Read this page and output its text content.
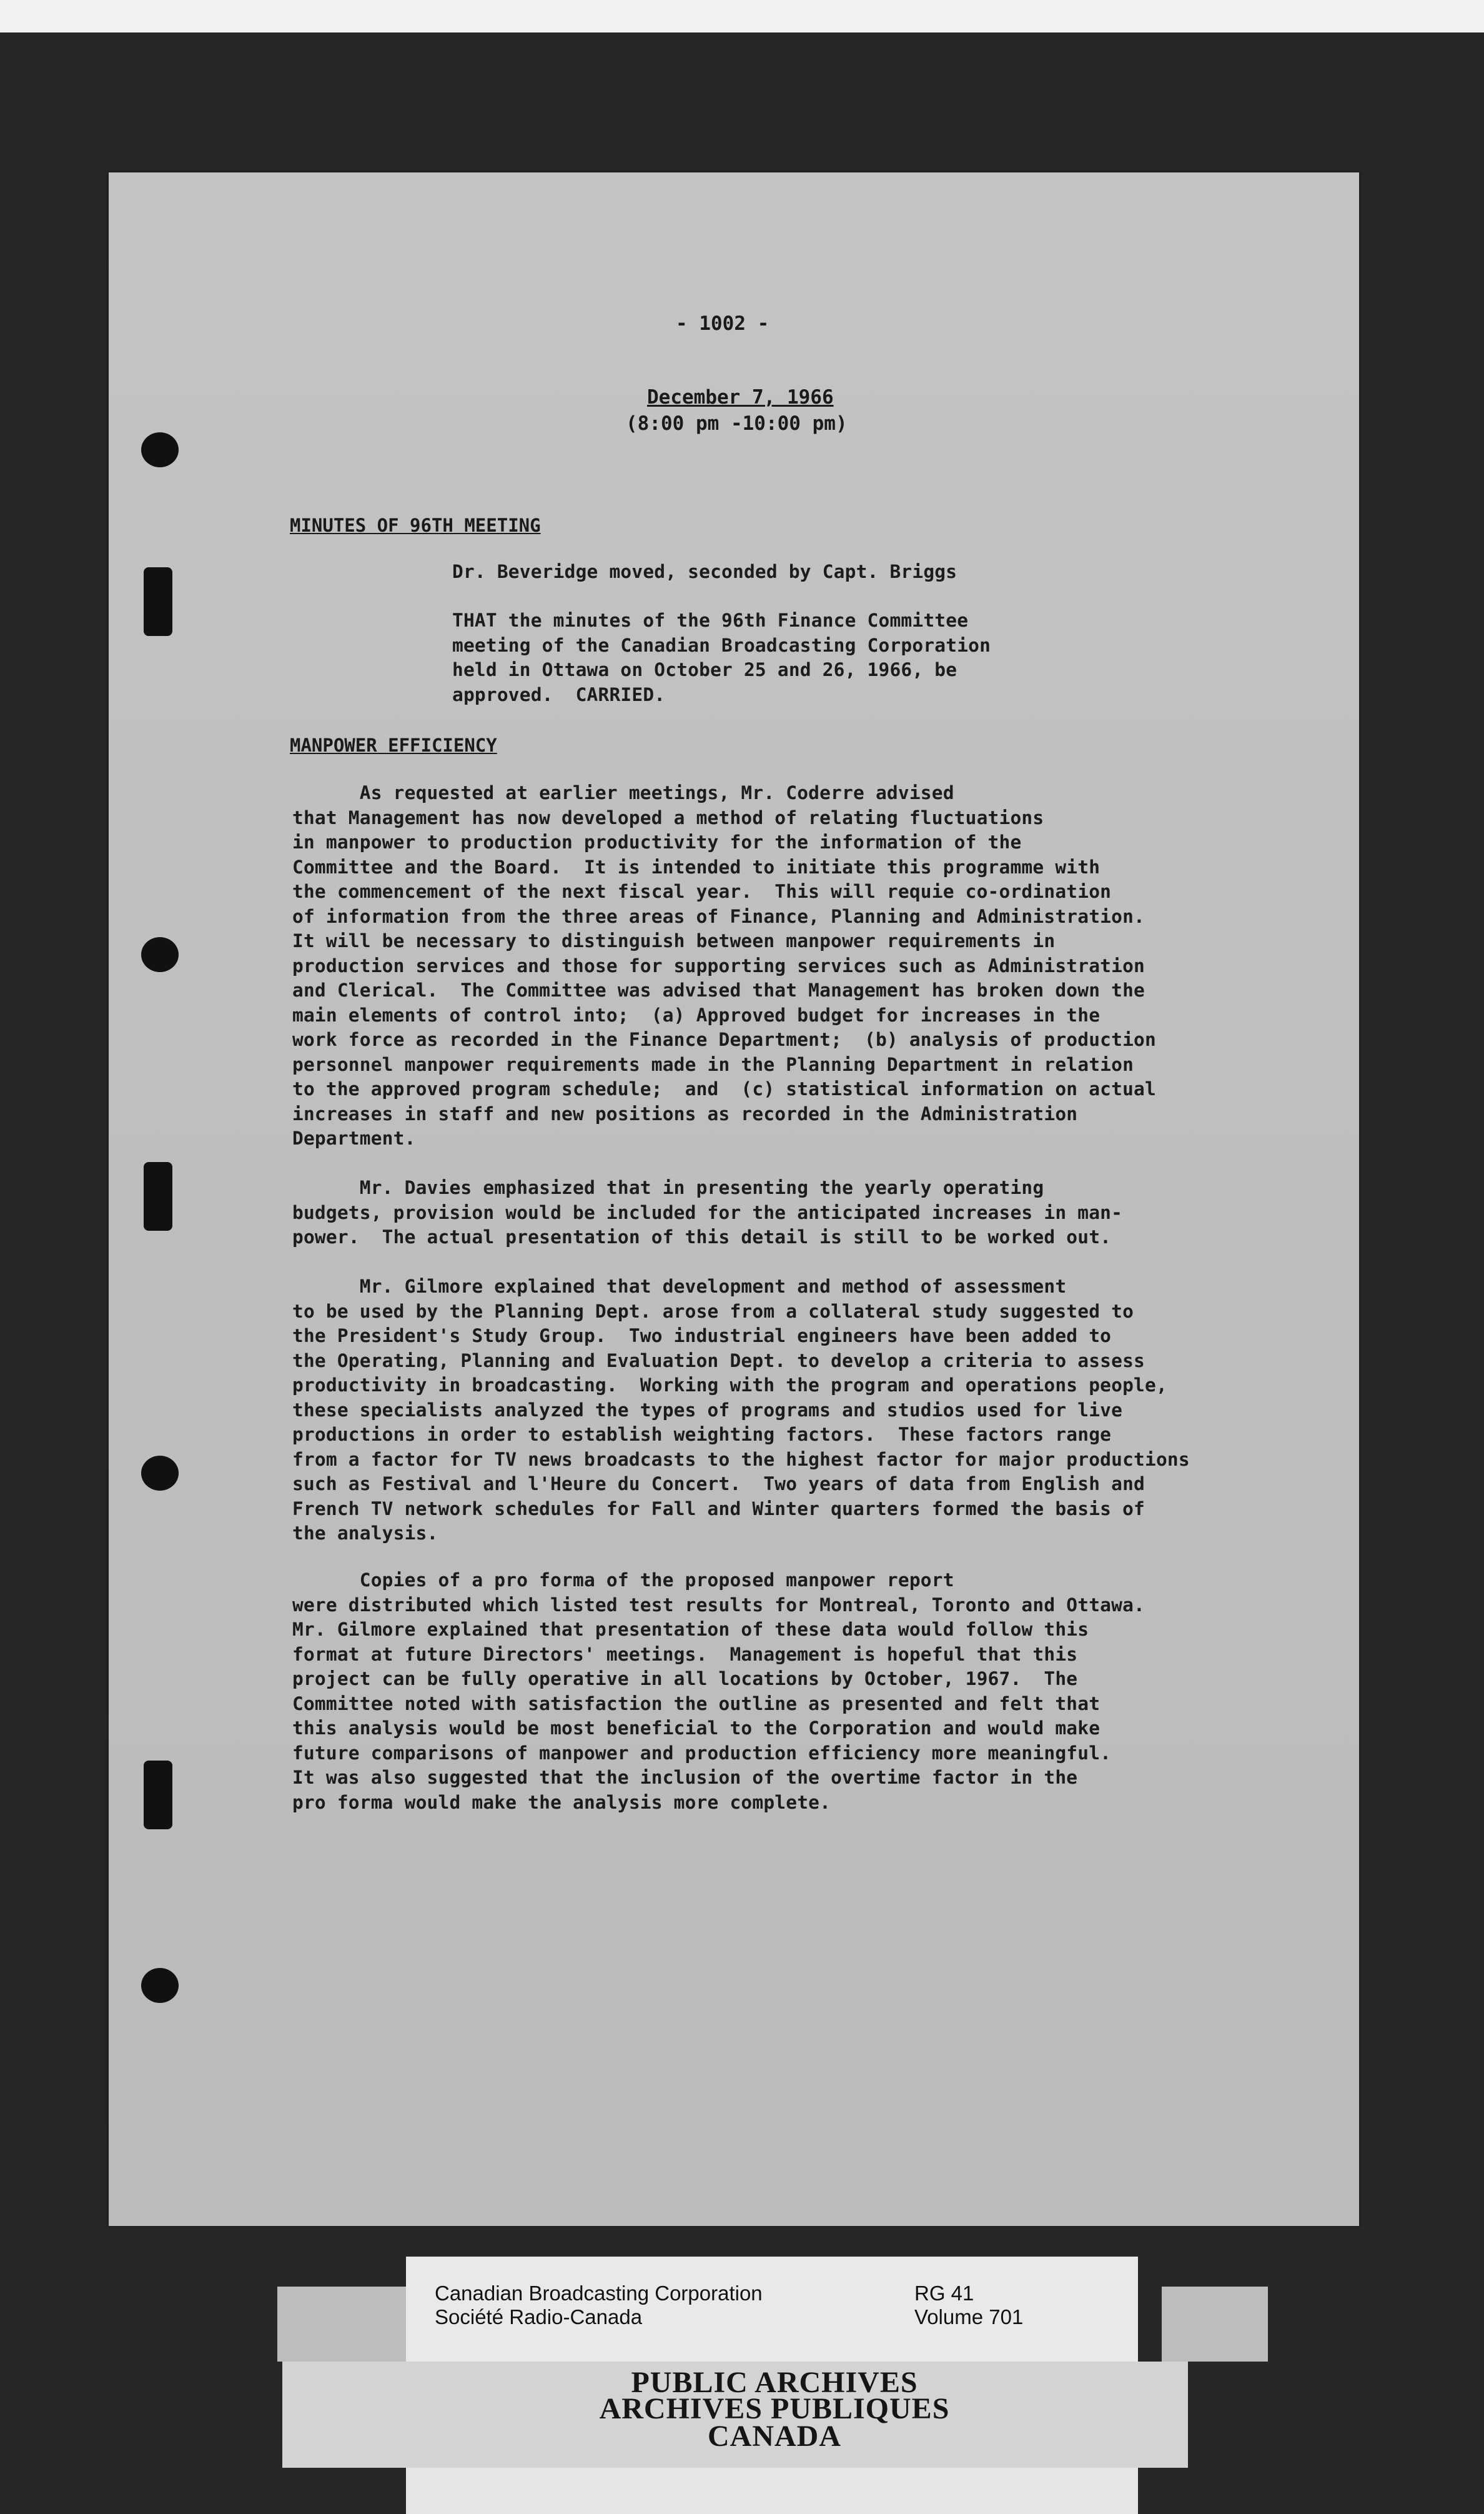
- 1002 -
December 7, 1966
(8:00 pm -10:00 pm)
MINUTES OF 96TH MEETING
Dr. Beveridge moved, seconded by Capt. Briggs
THAT the minutes of the 96th Finance Committee
meeting of the Canadian Broadcasting Corporation
held in Ottawa on October 25 and 26, 1966, be
approved.  CARRIED.
MANPOWER EFFICIENCY
As requested at earlier meetings, Mr. Coderre advised
that Management has now developed a method of relating fluctuations
in manpower to production productivity for the information of the
Committee and the Board.  It is intended to initiate this programme with
the commencement of the next fiscal year.  This will requie co-ordination
of information from the three areas of Finance, Planning and Administration.
It will be necessary to distinguish between manpower requirements in
production services and those for supporting services such as Administration
and Clerical.  The Committee was advised that Management has broken down the
main elements of control into;  (a) Approved budget for increases in the
work force as recorded in the Finance Department;  (b) analysis of production
personnel manpower requirements made in the Planning Department in relation
to the approved program schedule;  and  (c) statistical information on actual
increases in staff and new positions as recorded in the Administration
Department.
Mr. Davies emphasized that in presenting the yearly operating
budgets, provision would be included for the anticipated increases in man-
power.  The actual presentation of this detail is still to be worked out.
Mr. Gilmore explained that development and method of assessment
to be used by the Planning Dept. arose from a collateral study suggested to
the President's Study Group.  Two industrial engineers have been added to
the Operating, Planning and Evaluation Dept. to develop a criteria to assess
productivity in broadcasting.  Working with the program and operations people,
these specialists analyzed the types of programs and studios used for live
productions in order to establish weighting factors.  These factors range
from a factor for TV news broadcasts to the highest factor for major productions
such as Festival and l'Heure du Concert.  Two years of data from English and
French TV network schedules for Fall and Winter quarters formed the basis of
the analysis.
Copies of a pro forma of the proposed manpower report
were distributed which listed test results for Montreal, Toronto and Ottawa.
Mr. Gilmore explained that presentation of these data would follow this
format at future Directors' meetings.  Management is hopeful that this
project can be fully operative in all locations by October, 1967.  The
Committee noted with satisfaction the outline as presented and felt that
this analysis would be most beneficial to the Corporation and would make
future comparisons of manpower and production efficiency more meaningful.
It was also suggested that the inclusion of the overtime factor in the
pro forma would make the analysis more complete.
Canadian Broadcasting Corporation
Société Radio-Canada
RG 41
Volume 701
PUBLIC ARCHIVES
ARCHIVES PUBLIQUES
CANADA
